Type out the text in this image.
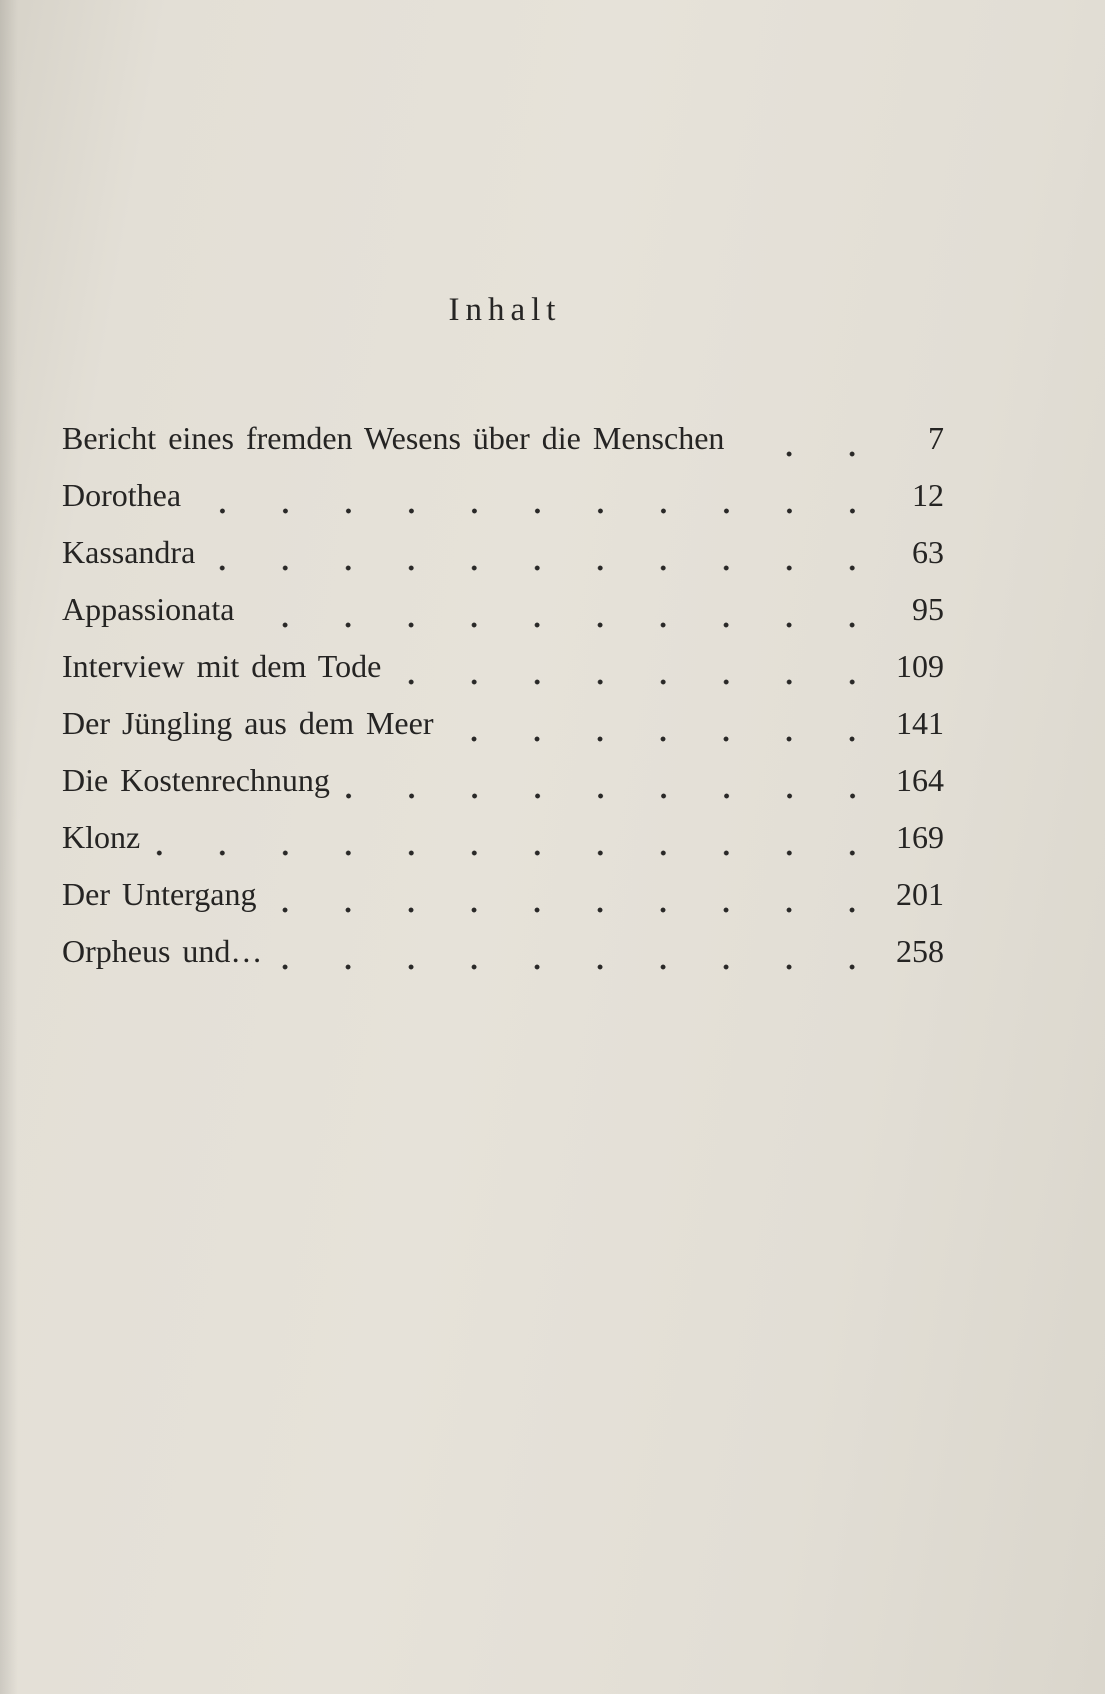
Inhalt
Bericht eines fremden Wesens über die Menschen	7
Dorothea	12
Kassandra	63
Appassionata	95
Interview mit dem Tode	109
Der Jüngling aus dem Meer	141
Die Kostenrechnung	164
Klonz	169
Der Untergang	201
Orpheus und…	258
